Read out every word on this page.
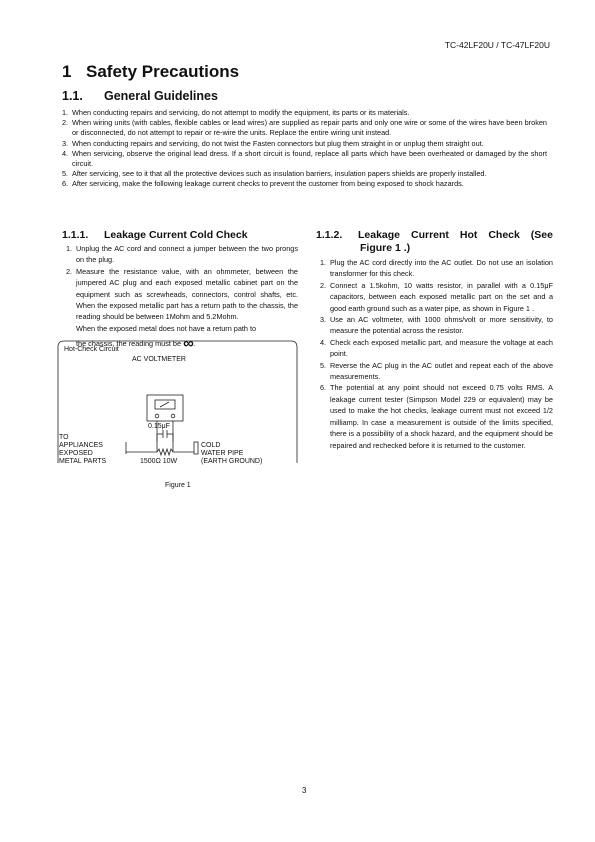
TC-42LF20U / TC-47LF20U
1 Safety Precautions
1.1. General Guidelines
1. When conducting repairs and servicing, do not attempt to modify the equipment, its parts or its materials.
2. When wiring units (with cables, flexible cables or lead wires) are supplied as repair parts and only one wire or some of the wires have been broken or disconnected, do not attempt to repair or re-wire the units. Replace the entire wiring unit instead.
3. When conducting repairs and servicing, do not twist the Fasten connectors but plug them straight in or unplug them straight out.
4. When servicing, observe the original lead dress. If a short circuit is found, replace all parts which have been overheated or damaged by the short circuit.
5. After servicing, see to it that all the protective devices such as insulation barriers, insulation papers shields are properly installed.
6. After servicing, make the following leakage current checks to prevent the customer from being exposed to shock hazards.
1.1.1. Leakage Current Cold Check
1. Unplug the AC cord and connect a jumper between the two prongs on the plug.
2. Measure the resistance value, with an ohmmeter, between the jumpered AC plug and each exposed metallic cabinet part on the equipment such as screwheads, connectors, control shafts, etc. When the exposed metallic part has a return path to the chassis, the reading should be between 1Mohm and 5.2Mohm.
When the exposed metal does not have a return path to
the chassis, the reading must be ∞.
Hot-Check Circuit
AC VOLTMETER
0.15μF
1500Ω 10W
TO
APPLIANCES
EXPOSED
METAL PARTS
COLD
WATER PIPE
(EARTH GROUND)
Figure 1
1.1.2. Leakage Current Hot Check (See
Figure 1 .)
1. Plug the AC cord directly into the AC outlet. Do not use an isolation transformer for this check.
2. Connect a 1.5kohm, 10 watts resistor, in parallel with a 0.15μF capacitors, between each exposed metallic part on the set and a good earth ground such as a water pipe, as shown in Figure 1 .
3. Use an AC voltmeter, with 1000 ohms/volt or more sensitivity, to measure the potential across the resistor.
4. Check each exposed metallic part, and measure the voltage at each point.
5. Reverse the AC plug in the AC outlet and repeat each of the above measurements.
6. The potential at any point should not exceed 0.75 volts RMS. A leakage current tester (Simpson Model 229 or equivalent) may be used to make the hot checks, leakage current must not exceed 1/2 milliamp. In case a measurement is outside of the limits specified, there is a possibility of a shock hazard, and the equipment should be repaired and rechecked before it is returned to the customer.
3
